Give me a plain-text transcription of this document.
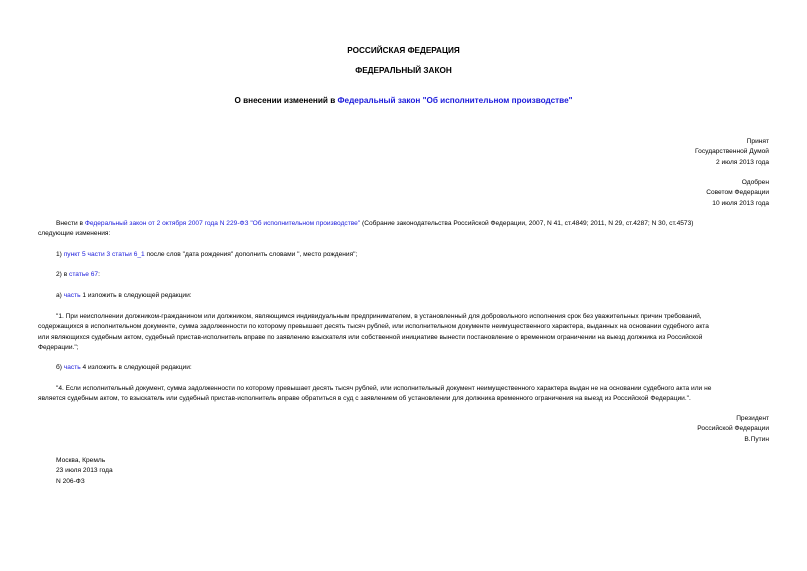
РОССИЙСКАЯ ФЕДЕРАЦИЯ
ФЕДЕРАЛЬНЫЙ ЗАКОН
О внесении изменений в Федеральный закон "Об исполнительном производстве"
Принят
Государственной Думой
2 июля 2013 года
Одобрен
Советом Федерации
10 июля 2013 года
Внести в Федеральный закон от 2 октября 2007 года N 229-ФЗ "Об исполнительном производстве" (Собрание законодательства Российской Федерации, 2007, N 41, ст.4849; 2011, N 29, ст.4287; N 30, ст.4573)
следующие изменения:
1) пункт 5 части 3 статьи 6_1 после слов "дата рождения" дополнить словами ", место рождения";
2) в статье 67:
а) часть 1 изложить в следующей редакции:
"1. При неисполнении должником-гражданином или должником, являющимся индивидуальным предпринимателем, в установленный для добровольного исполнения срок без уважительных причин требований,
содержащихся в исполнительном документе, сумма задолженности по которому превышает десять тысяч рублей, или исполнительном документе неимущественного характера, выданных на основании судебного акта
или являющихся судебным актом, судебный пристав-исполнитель вправе по заявлению взыскателя или собственной инициативе вынести постановление о временном ограничении на выезд должника из Российской
Федерации.";
б) часть 4 изложить в следующей редакции:
"4. Если исполнительный документ, сумма задолженности по которому превышает десять тысяч рублей, или исполнительный документ неимущественного характера выдан не на основании судебного акта или не
является судебным актом, то взыскатель или судебный пристав-исполнитель вправе обратиться в суд с заявлением об установлении для должника временного ограничения на выезд из Российской Федерации.".
Президент
Российской Федерации
В.Путин
Москва, Кремль
23 июля 2013 года
N 206-ФЗ
